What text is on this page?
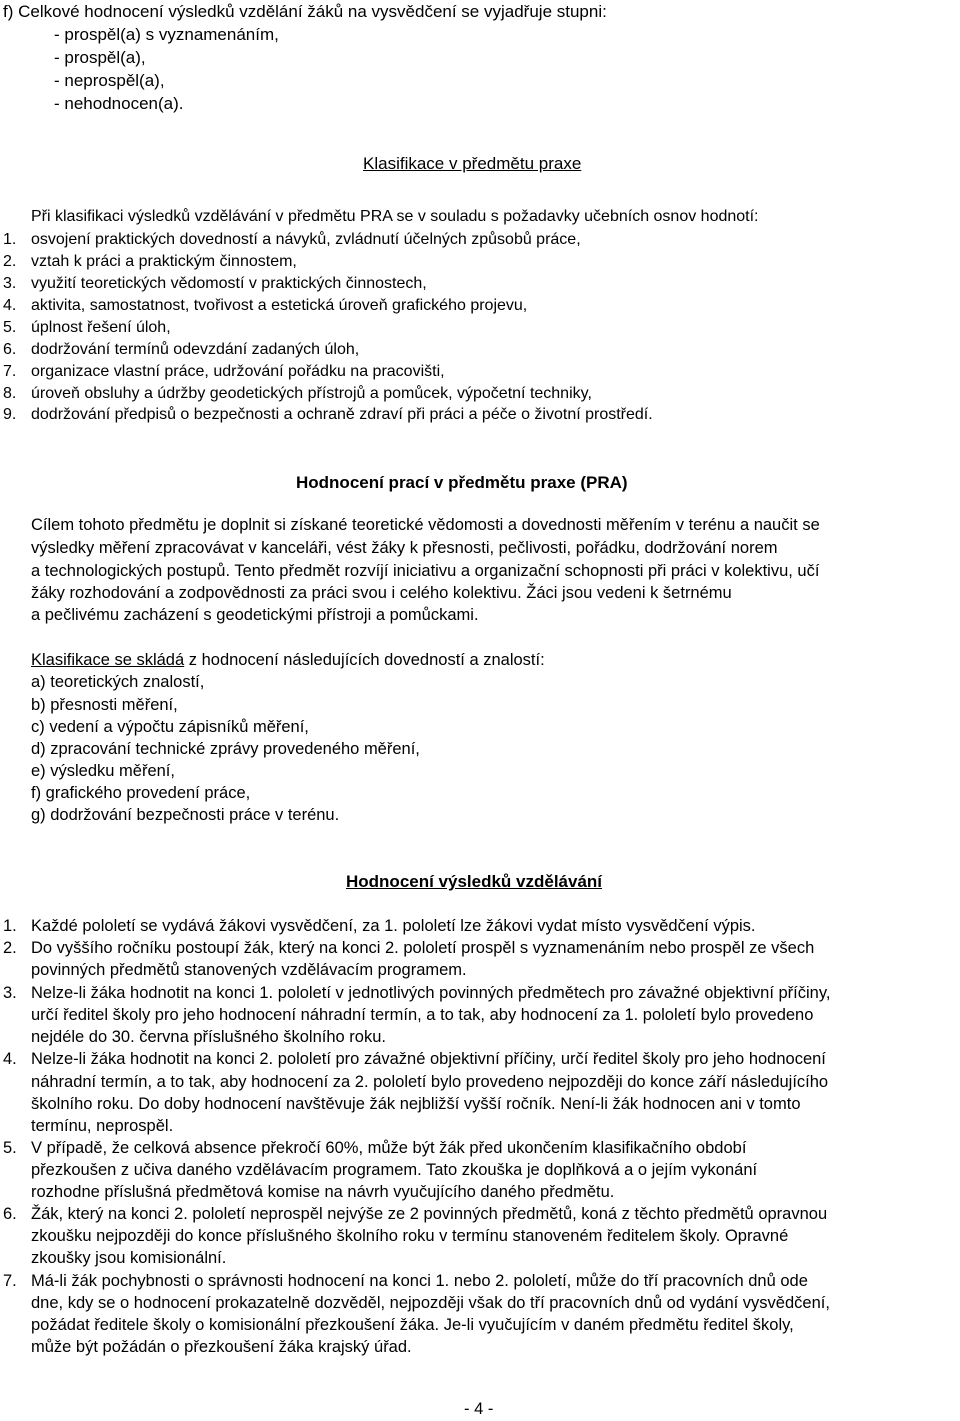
f) Celkové hodnocení výsledků vzdělání žáků na vysvědčení se vyjadřuje stupni:
- prospěl(a) s vyznamenáním,
- prospěl(a),
- neprospěl(a),
- nehodnocen(a).
Klasifikace v předmětu praxe
Při klasifikaci výsledků vzdělávání v předmětu PRA se v souladu s požadavky učebních osnov hodnotí:
1. osvojení praktických dovedností a návyků, zvládnutí účelných způsobů práce,
2. vztah k práci a praktickým činnostem,
3. využití teoretických vědomostí v praktických činnostech,
4. aktivita, samostatnost, tvořivost a estetická úroveň grafického projevu,
5. úplnost řešení úloh,
6. dodržování termínů odevzdání zadaných úloh,
7. organizace vlastní práce, udržování pořádku na pracovišti,
8. úroveň obsluhy a údržby geodetických přístrojů a pomůcek, výpočetní techniky,
9. dodržování předpisů o bezpečnosti a ochraně zdraví při práci a péče o životní prostředí.
Hodnocení prací v předmětu praxe (PRA)
Cílem tohoto předmětu je doplnit si získané teoretické vědomosti a dovednosti měřením v terénu a naučit se
výsledky měření zpracovávat v kanceláři, vést žáky k přesnosti, pečlivosti, pořádku, dodržování norem
a technologických postupů. Tento předmět rozvíjí iniciativu a organizační schopnosti při práci v kolektivu, učí
žáky rozhodování a zodpovědnosti za práci svou i celého kolektivu. Žáci jsou vedeni k šetrnému
a pečlivému zacházení s geodetickými přístroji a pomůckami.
Klasifikace se skládá z hodnocení následujících dovedností a znalostí:
a) teoretických znalostí,
b) přesnosti měření,
c) vedení a výpočtu zápisníků měření,
d) zpracování technické zprávy provedeného měření,
e) výsledku měření,
f) grafického provedení práce,
g) dodržování bezpečnosti práce v terénu.
Hodnocení výsledků vzdělávání
1. Každé pololetí se vydává žákovi vysvědčení, za 1. pololetí lze žákovi vydat místo vysvědčení výpis.
2. Do vyššího ročníku postoupí žák, který na konci 2. pololetí prospěl s vyznamenáním nebo prospěl ze všech
povinných předmětů stanovených vzdělávacím programem.
3. Nelze-li žáka hodnotit na konci 1. pololetí v jednotlivých povinných předmětech pro závažné objektivní příčiny,
určí ředitel školy pro jeho hodnocení náhradní termín, a to tak, aby hodnocení za 1. pololetí bylo provedeno
nejdéle do 30. června příslušného školního roku.
4. Nelze-li žáka hodnotit na konci 2. pololetí pro závažné objektivní příčiny, určí ředitel školy pro jeho hodnocení
náhradní termín, a to tak, aby hodnocení za 2. pololetí bylo provedeno nejpozději do konce září následujícího
školního roku. Do doby hodnocení navštěvuje žák nejbližší vyšší ročník. Není-li žák hodnocen ani v tomto
termínu, neprospěl.
5. V případě, že celková absence překročí 60%, může být žák před ukončením klasifikačního období
přezkoušen z učiva daného vzdělávacím programem. Tato zkouška je doplňková a o jejím vykonání
rozhodne příslušná předmětová komise na návrh vyučujícího daného předmětu.
6. Žák, který na konci 2. pololetí neprospěl nejvýše ze 2 povinných předmětů, koná z těchto předmětů opravnou
zkoušku nejpozději do konce příslušného školního roku v termínu stanoveném ředitelem školy. Opravné
zkoušky jsou komisionální.
7. Má-li žák pochybnosti o správnosti hodnocení na konci 1. nebo 2. pololetí, může do tří pracovních dnů ode
dne, kdy se o hodnocení prokazatelně dozvěděl, nejpozději však do tří pracovních dnů od vydání vysvědčení,
požádat ředitele školy o komisionální přezkoušení žáka. Je-li vyučujícím v daném předmětu ředitel školy,
může být požádán o přezkoušení žáka krajský úřad.
- 4 -
